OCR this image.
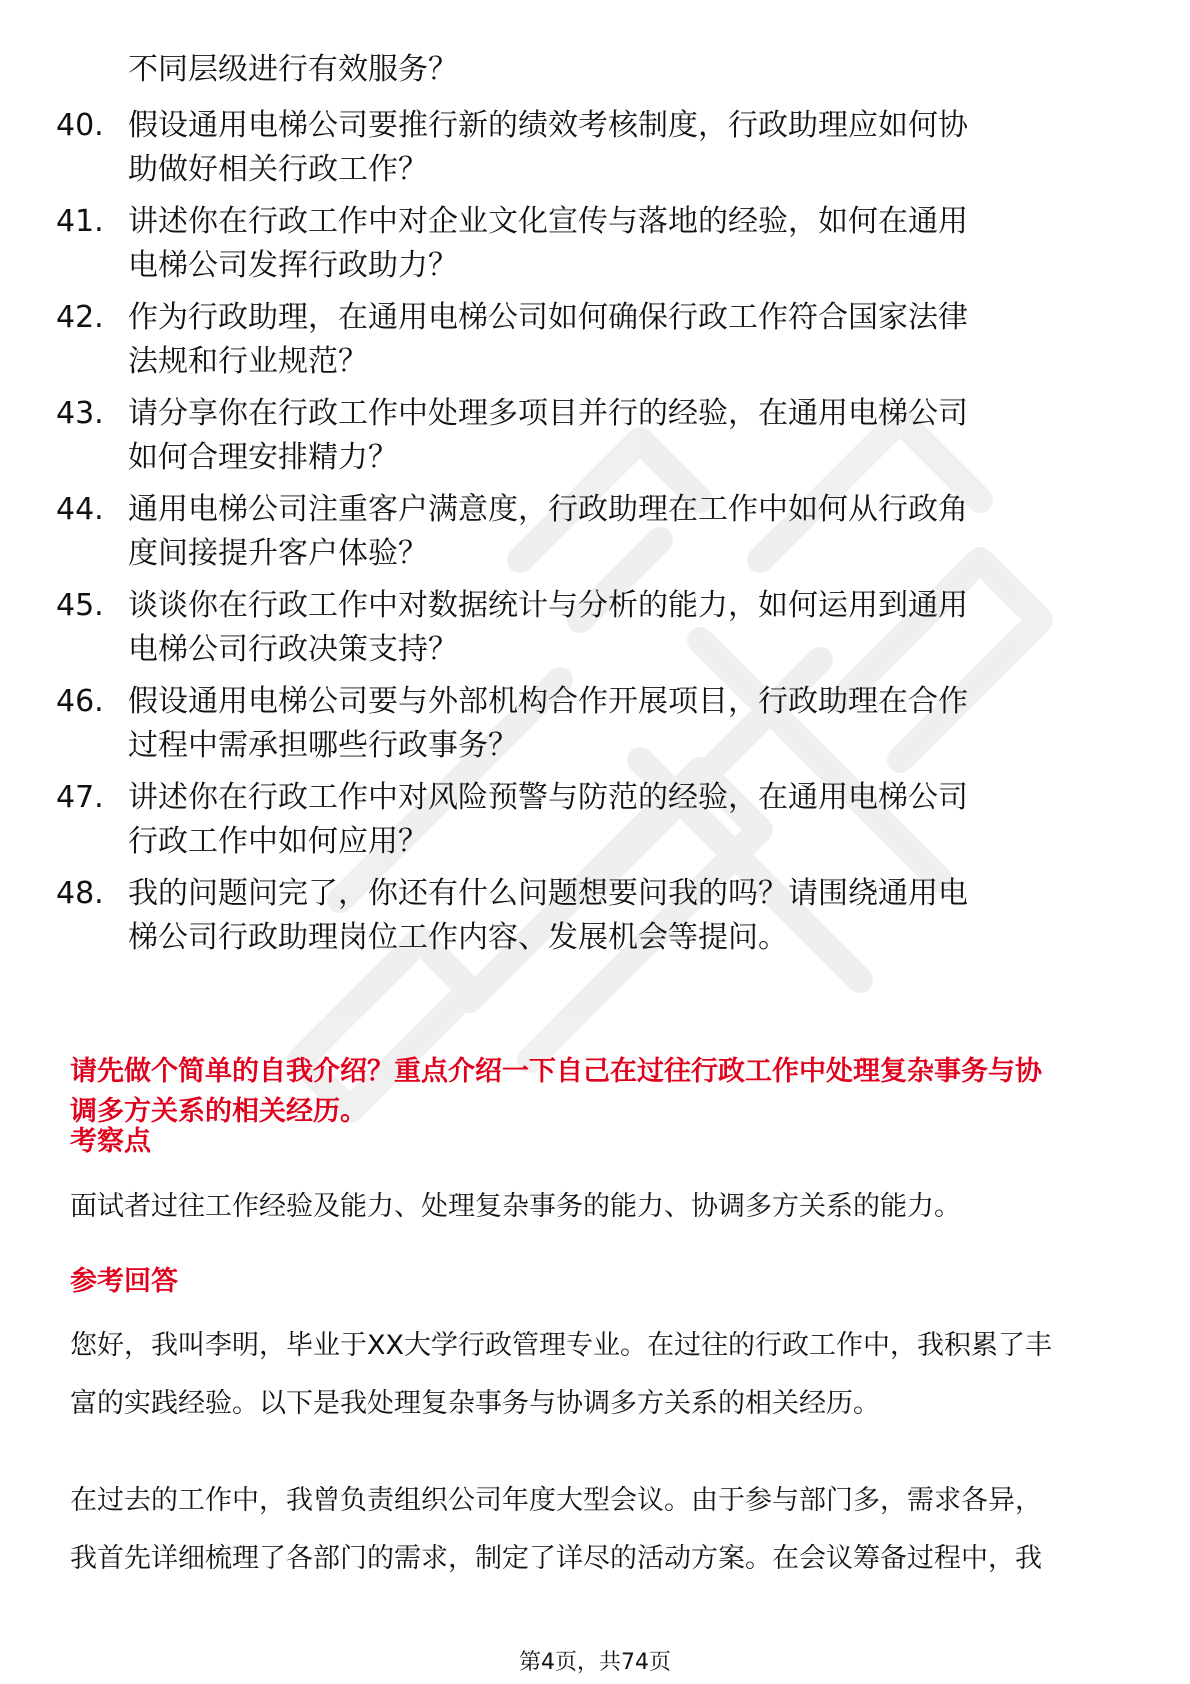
不同层级进行有效服务？
40. 假设通用电梯公司要推行新的绩效考核制度，行政助理应如何协
助做好相关行政工作？
41. 讲述你在行政工作中对企业文化宣传与落地的经验，如何在通用
电梯公司发挥行政助力？
42. 作为行政助理，在通用电梯公司如何确保行政工作符合国家法律
法规和行业规范？
43. 请分享你在行政工作中处理多项目并行的经验，在通用电梯公司
如何合理安排精力？
44. 通用电梯公司注重客户满意度，行政助理在工作中如何从行政角
度间接提升客户体验？
45. 谈谈你在行政工作中对数据统计与分析的能力，如何运用到通用
电梯公司行政决策支持？
46. 假设通用电梯公司要与外部机构合作开展项目，行政助理在合作
过程中需承担哪些行政事务？
47. 讲述你在行政工作中对风险预警与防范的经验，在通用电梯公司
行政工作中如何应用？
48. 我的问题问完了，你还有什么问题想要问我的吗？请围绕通用电
梯公司行政助理岗位工作内容、发展机会等提问。
请先做个简单的自我介绍？重点介绍一下自己在过往行政工作中处理复杂事务与协
调多方关系的相关经历。
考察点
面试者过往工作经验及能力、处理复杂事务的能力、协调多方关系的能力。
参考回答
您好，我叫李明，毕业于XX大学行政管理专业。在过往的行政工作中，我积累了丰
富的实践经验。以下是我处理复杂事务与协调多方关系的相关经历。
在过去的工作中，我曾负责组织公司年度大型会议。由于参与部门多，需求各异，
我首先详细梳理了各部门的需求，制定了详尽的活动方案。在会议筹备过程中，我
第4页，共74页
